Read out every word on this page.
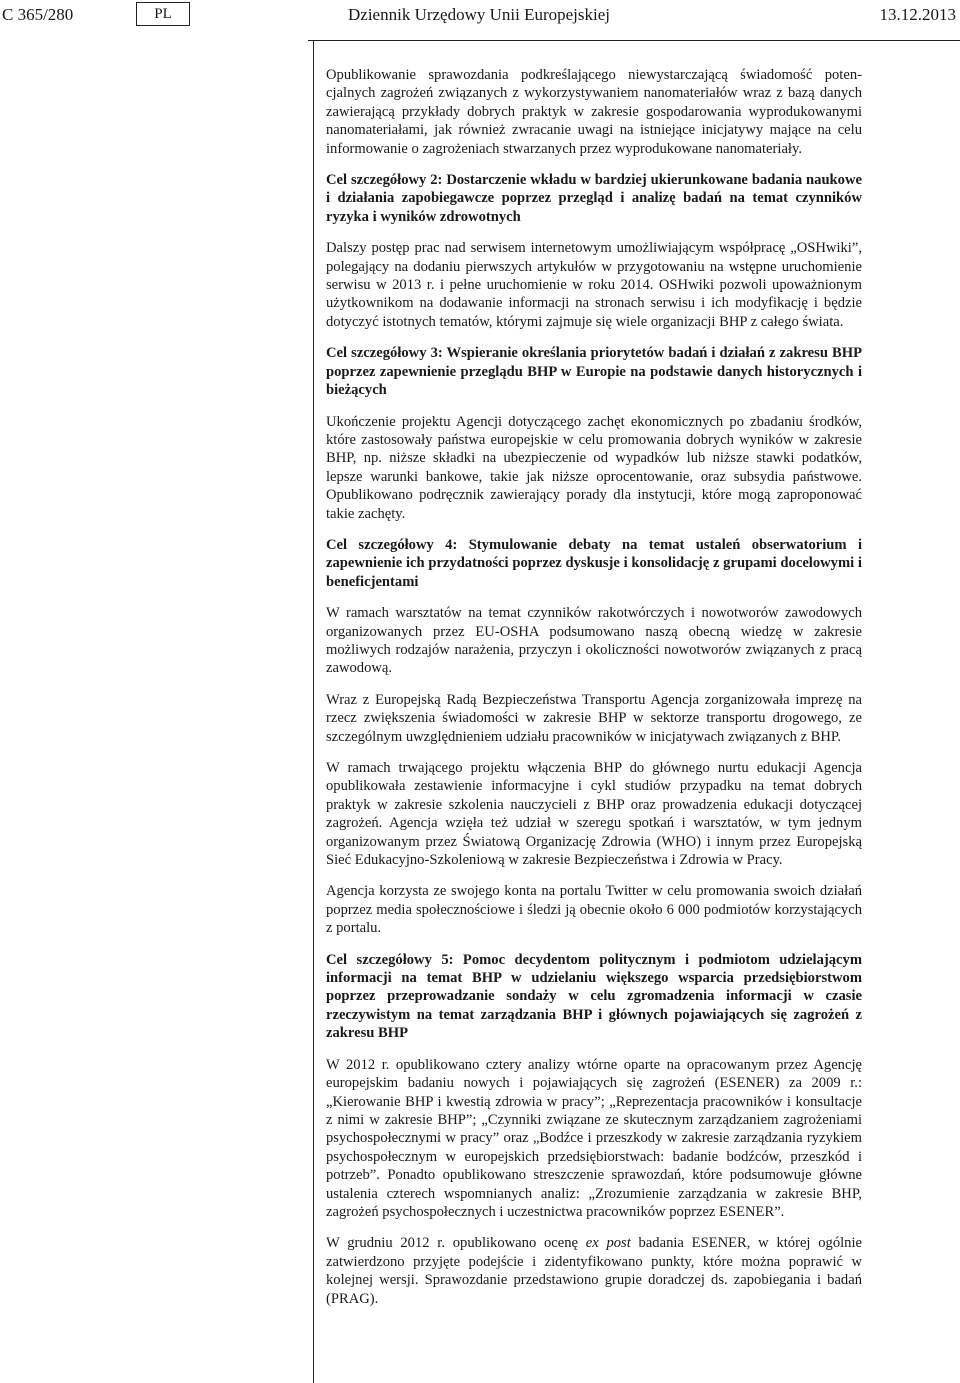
C 365/280	PL	Dziennik Urzędowy Unii Europejskiej	13.12.2013

Opublikowanie sprawozdania podkreślającego niewystarczającą świadomość potencjalnych zagrożeń związanych z wykorzystywaniem nanomateriałów wraz z bazą danych zawierającą przykłady dobrych praktyk w zakresie gospodarowania wyprodukowanymi nanomateriałami, jak również zwracanie uwagi na istniejące inicjatywy mające na celu informowanie o zagrożeniach stwarzanych przez wyprodukowane nanomateriały.

Cel szczegółowy 2: Dostarczenie wkładu w bardziej ukierunkowane badania naukowe i działania zapobiegawcze poprzez przegląd i analizę badań na temat czynników ryzyka i wyników zdrowotnych

Dalszy postęp prac nad serwisem internetowym umożliwiającym współpracę „OSHwiki”, polegający na dodaniu pierwszych artykułów w przygotowaniu na wstępne uruchomienie serwisu w 2013 r. i pełne uruchomienie w roku 2014. OSHwiki pozwoli upoważnionym użytkownikom na dodawanie informacji na stronach serwisu i ich modyfikację i będzie dotyczyć istotnych tematów, którymi zajmuje się wiele organizacji BHP z całego świata.

Cel szczegółowy 3: Wspieranie określania priorytetów badań i działań z zakresu BHP poprzez zapewnienie przeglądu BHP w Europie na podstawie danych historycznych i bieżących

Ukończenie projektu Agencji dotyczącego zachęt ekonomicznych po zbadaniu środków, które zastosowały państwa europejskie w celu promowania dobrych wyników w zakresie BHP, np. niższe składki na ubezpieczenie od wypadków lub niższe stawki podatków, lepsze warunki bankowe, takie jak niższe oprocentowanie, oraz subsydia państwowe. Opublikowano podręcznik zawierający porady dla instytucji, które mogą zaproponować takie zachęty.

Cel szczegółowy 4: Stymulowanie debaty na temat ustaleń obserwatorium i zapewnienie ich przydatności poprzez dyskusje i konsolidację z grupami docelowymi i beneficjentami

W ramach warsztatów na temat czynników rakotwórczych i nowotworów zawodowych organizowanych przez EU-OSHA podsumowano naszą obecną wiedzę w zakresie możliwych rodzajów narażenia, przyczyn i okoliczności nowotworów związanych z pracą zawodową.

Wraz z Europejską Radą Bezpieczeństwa Transportu Agencja zorganizowała imprezę na rzecz zwiększenia świadomości w zakresie BHP w sektorze transportu drogowego, ze szczególnym uwzględnieniem udziału pracowników w inicjatywach związanych z BHP.

W ramach trwającego projektu włączenia BHP do głównego nurtu edukacji Agencja opublikowała zestawienie informacyjne i cykl studiów przypadku na temat dobrych praktyk w zakresie szkolenia nauczycieli z BHP oraz prowadzenia edukacji dotyczącej zagrożeń. Agencja wzięła też udział w szeregu spotkań i warsztatów, w tym jednym organizowanym przez Światową Organizację Zdrowia (WHO) i innym przez Europejską Sieć Edukacyjno-Szkoleniową w zakresie Bezpieczeństwa i Zdrowia w Pracy.

Agencja korzysta ze swojego konta na portalu Twitter w celu promowania swoich działań poprzez media społecznościowe i śledzi ją obecnie około 6 000 podmiotów korzystających z portalu.

Cel szczegółowy 5: Pomoc decydentom politycznym i podmiotom udzielającym informacji na temat BHP w udzielaniu większego wsparcia przedsiębiorstwom poprzez przeprowadzanie sondaży w celu zgromadzenia informacji w czasie rzeczywistym na temat zarządzania BHP i głównych pojawiających się zagrożeń z zakresu BHP

W 2012 r. opublikowano cztery analizy wtórne oparte na opracowanym przez Agencję europejskim badaniu nowych i pojawiających się zagrożeń (ESENER) za 2009 r.: „Kierowanie BHP i kwestią zdrowia w pracy”; „Reprezentacja pracowników i konsultacje z nimi w zakresie BHP”; „Czynniki związane ze skutecznym zarządzaniem zagrożeniami psychospołecznymi w pracy” oraz „Bodźce i przeszkody w zakresie zarządzania ryzykiem psychospołecznym w europejskich przedsiębiorstwach: badanie bodźców, przeszkód i potrzeb”. Ponadto opublikowano streszczenie sprawozdań, które podsumowuje główne ustalenia czterech wspomnianych analiz: „Zrozumienie zarządzania w zakresie BHP, zagrożeń psychospołecznych i uczestnictwa pracowników poprzez ESENER”.

W grudniu 2012 r. opublikowano ocenę ex post badania ESENER, w której ogólnie zatwierdzono przyjęte podejście i zidentyfikowano punkty, które można poprawić w kolejnej wersji. Sprawozdanie przedstawiono grupie doradczej ds. zapobiegania i badań (PRAG).
